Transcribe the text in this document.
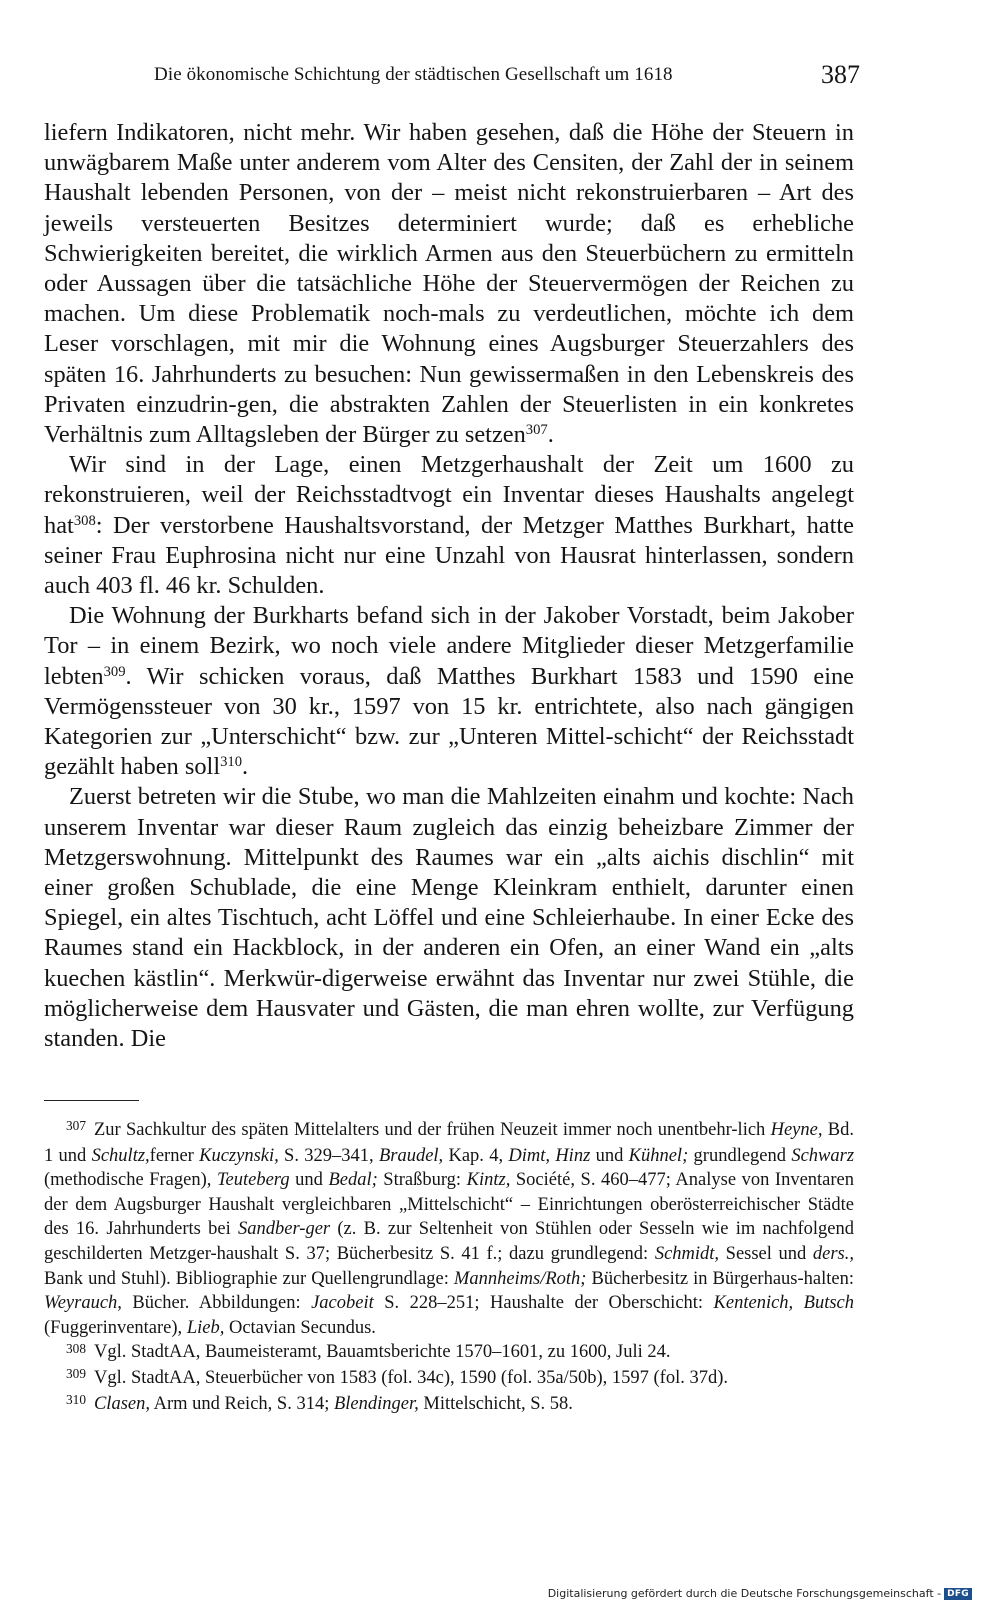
Die ökonomische Schichtung der städtischen Gesellschaft um 1618	387

liefern Indikatoren, nicht mehr. Wir haben gesehen, daß die Höhe der Steuern in unwägbarem Maße unter anderem vom Alter des Censiten, der Zahl der in seinem Haushalt lebenden Personen, von der – meist nicht rekonstruierbaren – Art des jeweils versteuerten Besitzes determiniert wurde; daß es erhebliche Schwierigkeiten bereitet, die wirklich Armen aus den Steuerbüchern zu ermitteln oder Aussagen über die tatsächliche Höhe der Steuervermögen der Reichen zu machen. Um diese Problematik noch-mals zu verdeutlichen, möchte ich dem Leser vorschlagen, mit mir die Wohnung eines Augsburger Steuerzahlers des späten 16. Jahrhunderts zu besuchen: Nun gewissermaßen in den Lebenskreis des Privaten einzudrin-gen, die abstrakten Zahlen der Steuerlisten in ein konkretes Verhältnis zum Alltagsleben der Bürger zu setzen$^{307}$.

Wir sind in der Lage, einen Metzgerhaushalt der Zeit um 1600 zu rekonstruieren, weil der Reichsstadtvogt ein Inventar dieses Haushalts angelegt hat$^{308}$: Der verstorbene Haushaltsvorstand, der Metzger Matthes Burkhart, hatte seiner Frau Euphrosina nicht nur eine Unzahl von Hausrat hinterlassen, sondern auch 403 fl. 46 kr. Schulden.

Die Wohnung der Burkharts befand sich in der Jakober Vorstadt, beim Jakober Tor – in einem Bezirk, wo noch viele andere Mitglieder dieser Metzgerfamilie lebten$^{309}$. Wir schicken voraus, daß Matthes Burkhart 1583 und 1590 eine Vermögenssteuer von 30 kr., 1597 von 15 kr. entrichtete, also nach gängigen Kategorien zur „Unterschicht“ bzw. zur „Unteren Mittel-schicht“ der Reichsstadt gezählt haben soll$^{310}$.

Zuerst betreten wir die Stube, wo man die Mahlzeiten einahm und kochte: Nach unserem Inventar war dieser Raum zugleich das einzig beheizbare Zimmer der Metzgerswohnung. Mittelpunkt des Raumes war ein „alts aichis dischlin“ mit einer großen Schublade, die eine Menge Kleinkram enthielt, darunter einen Spiegel, ein altes Tischtuch, acht Löffel und eine Schleierhaube. In einer Ecke des Raumes stand ein Hackblock, in der anderen ein Ofen, an einer Wand ein „alts kuechen kästlin“. Merkwür-digerweise erwähnt das Inventar nur zwei Stühle, die möglicherweise dem Hausvater und Gästen, die man ehren wollte, zur Verfügung standen. Die

$^{307}$ Zur Sachkultur des späten Mittelalters und der frühen Neuzeit immer noch unentbehr-lich Heyne, Bd. 1 und Schultz,ferner Kuczynski, S. 329–341, Braudel, Kap. 4, Dimt, Hinz und Kühnel; grundlegend Schwarz (methodische Fragen), Teuteberg und Bedal; Straßburg: Kintz, Société, S. 460–477; Analyse von Inventaren der dem Augsburger Haushalt vergleichbaren „Mittelschicht“ – Einrichtungen oberösterreichischer Städte des 16. Jahrhunderts bei Sandber-ger (z. B. zur Seltenheit von Stühlen oder Sesseln wie im nachfolgend geschilderten Metzger-haushalt S. 37; Bücherbesitz S. 41 f.; dazu grundlegend: Schmidt, Sessel und ders., Bank und Stuhl). Bibliographie zur Quellengrundlage: Mannheims/Roth; Bücherbesitz in Bürgerhaus-halten: Weyrauch, Bücher. Abbildungen: Jacobeit S. 228–251; Haushalte der Oberschicht: Kentenich, Butsch (Fuggerinventare), Lieb, Octavian Secundus.

$^{308}$ Vgl. StadtAA, Baumeisteramt, Bauamtsberichte 1570–1601, zu 1600, Juli 24.

$^{309}$ Vgl. StadtAA, Steuerbücher von 1583 (fol. 34c), 1590 (fol. 35a/50b), 1597 (fol. 37d).

$^{310}$ Clasen, Arm und Reich, S. 314; Blendinger, Mittelschicht, S. 58.

Digitalisierung gefördert durch die Deutsche Forschungsgemeinschaft - DFG
